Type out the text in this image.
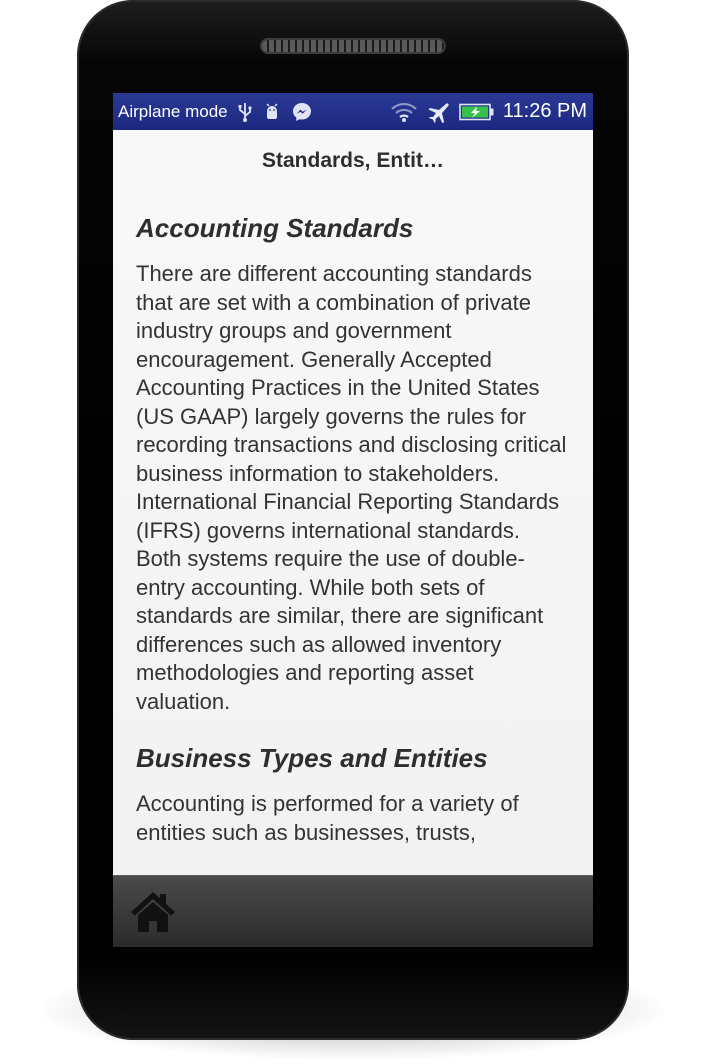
Airplane mode	11:26 PM
Standards, Entit…
Accounting Standards

There are different accounting standards that are set with a combination of private industry groups and government encouragement. Generally Accepted Accounting Practices in the United States (US GAAP) largely governs the rules for recording transactions and disclosing critical business information to stakeholders. International Financial Reporting Standards (IFRS) governs international standards. Both systems require the use of double-entry accounting. While both sets of standards are similar, there are significant differences such as allowed inventory methodologies and reporting asset valuation.

Business Types and Entities

Accounting is performed for a variety of entities such as businesses, trusts,
